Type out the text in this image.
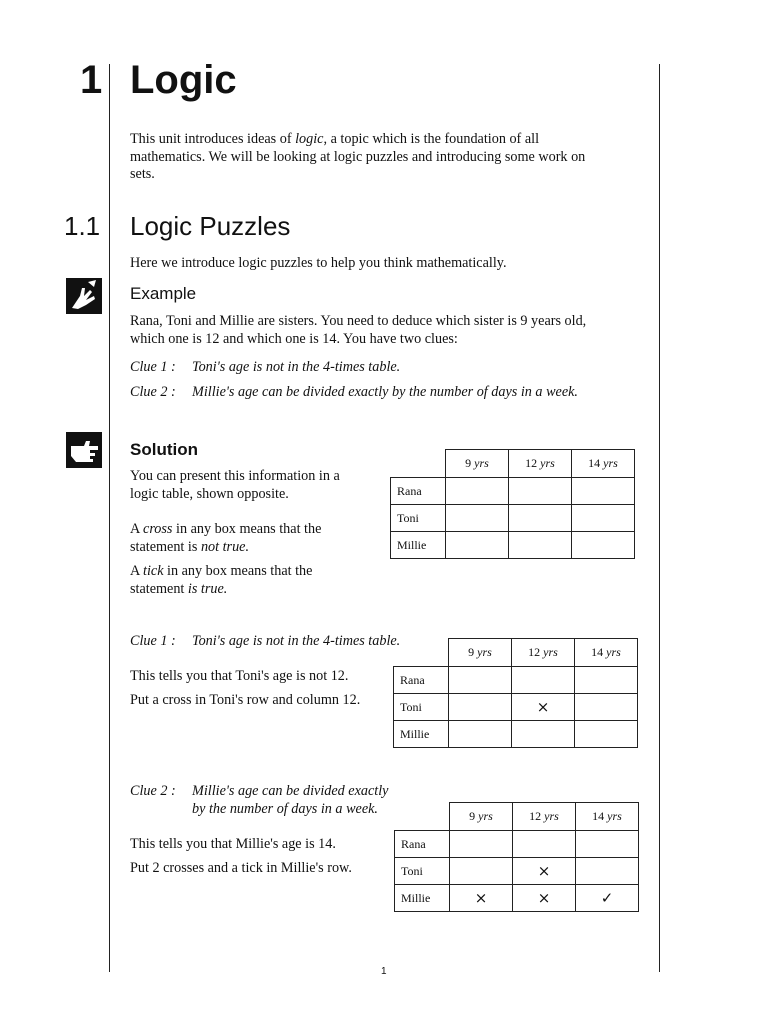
1 Logic
This unit introduces ideas of logic, a topic which is the foundation of all
mathematics. We will be looking at logic puzzles and introducing some work on
sets.
1.1 Logic Puzzles
Here we introduce logic puzzles to help you think mathematically.
Example
Rana, Toni and Millie are sisters. You need to deduce which sister is 9 years old,
which one is 12 and which one is 14. You have two clues:
Clue 1 : Toni's age is not in the 4-times table.
Clue 2 : Millie's age can be divided exactly by the number of days in a week.
Solution
You can present this information in a
logic table, shown opposite.
A cross in any box means that the
statement is not true.
A tick in any box means that the
statement is true.
	9 yrs	12 yrs	14 yrs
Rana			
Toni			
Millie			
Clue 1 : Toni's age is not in the 4-times table.
This tells you that Toni's age is not 12.
Put a cross in Toni's row and column 12.
	9 yrs	12 yrs	14 yrs
Rana			
Toni		×	
Millie			
Clue 2 : Millie's age can be divided exactly
by the number of days in a week.
This tells you that Millie's age is 14.
Put 2 crosses and a tick in Millie's row.
	9 yrs	12 yrs	14 yrs
Rana			
Toni		×	
Millie	×	×	✓
1
